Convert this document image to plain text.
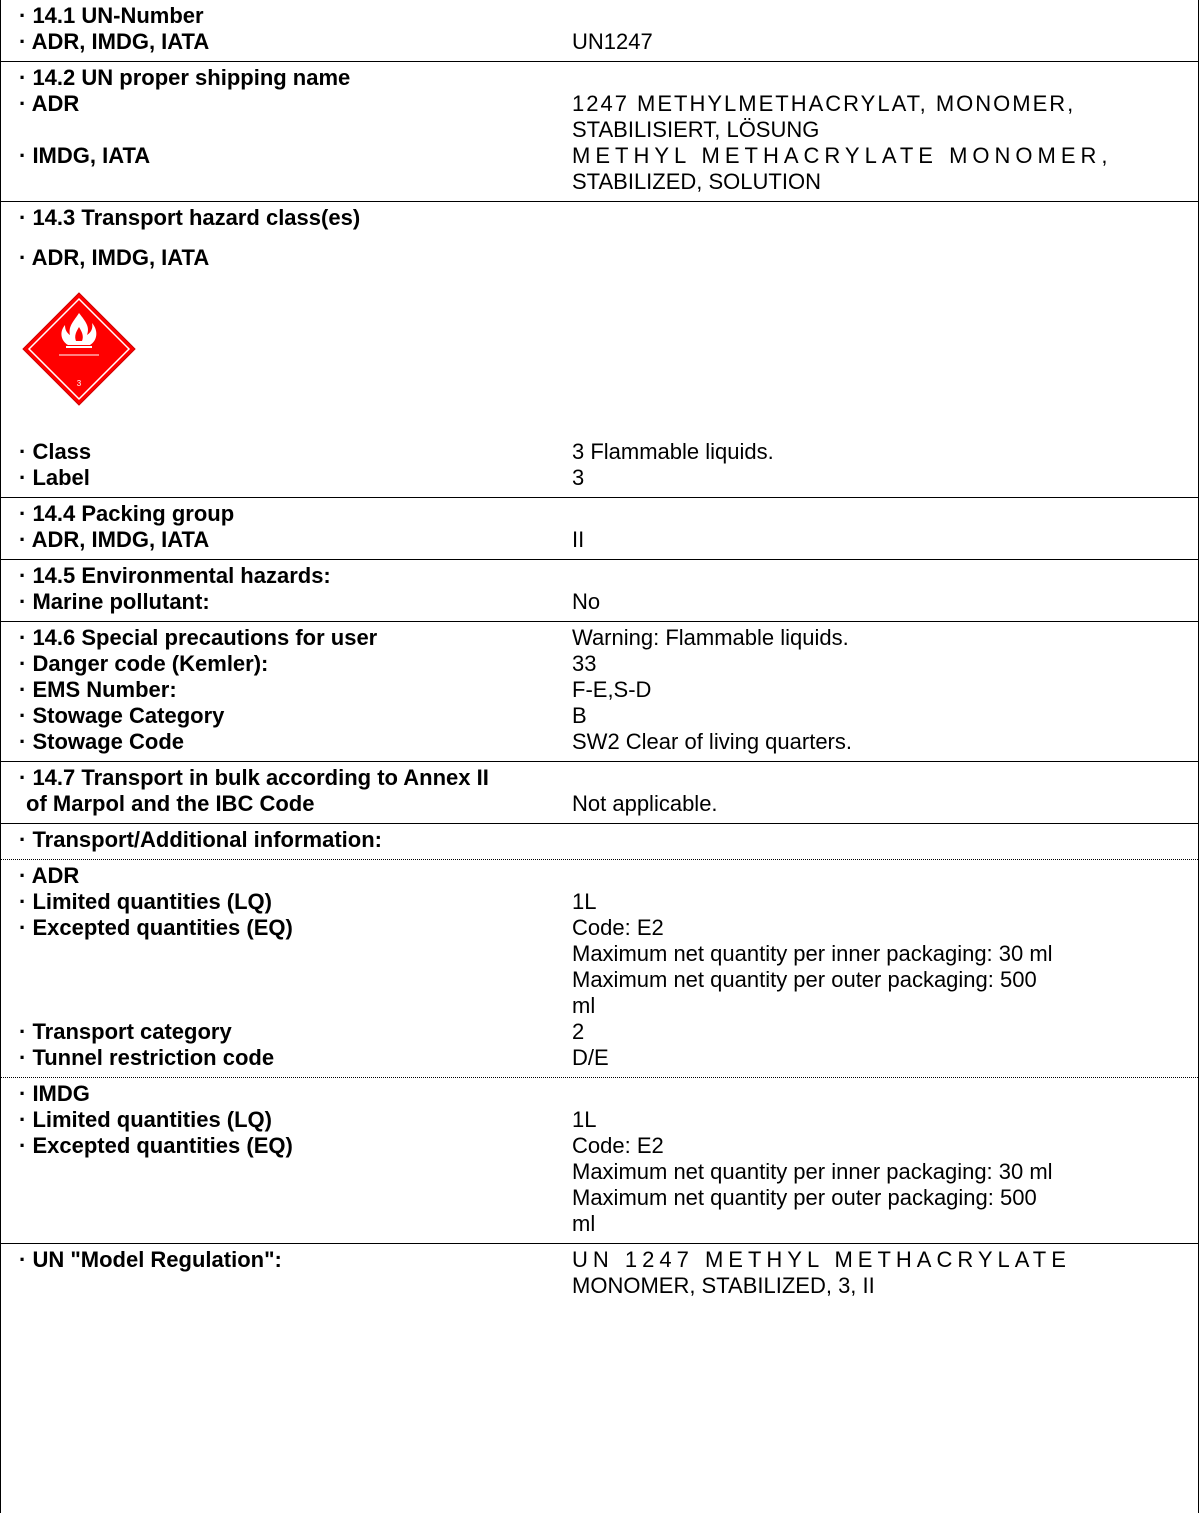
· 14.1 UN-Number
· ADR, IMDG, IATA	UN1247
· 14.2 UN proper shipping name
· ADR	1247 METHYLMETHACRYLAT, MONOMER,
STABILISIERT, LÖSUNG
· IMDG, IATA	METHYL METHACRYLATE MONOMER,
STABILIZED, SOLUTION
· 14.3 Transport hazard class(es)
· ADR, IMDG, IATA
3
· Class	3 Flammable liquids.
· Label	3
· 14.4 Packing group
· ADR, IMDG, IATA	II
· 14.5 Environmental hazards:
· Marine pollutant:	No
· 14.6 Special precautions for user	Warning: Flammable liquids.
· Danger code (Kemler):	33
· EMS Number:	F-E,S-D
· Stowage Category	B
· Stowage Code	SW2 Clear of living quarters.
· 14.7 Transport in bulk according to Annex II
of Marpol and the IBC Code	Not applicable.
· Transport/Additional information:
· ADR
· Limited quantities (LQ)	1L
· Excepted quantities (EQ)	Code: E2
Maximum net quantity per inner packaging: 30 ml
Maximum net quantity per outer packaging: 500
ml
· Transport category	2
· Tunnel restriction code	D/E
· IMDG
· Limited quantities (LQ)	1L
· Excepted quantities (EQ)	Code: E2
Maximum net quantity per inner packaging: 30 ml
Maximum net quantity per outer packaging: 500
ml
· UN "Model Regulation":	UN 1247 METHYL METHACRYLATE
MONOMER, STABILIZED, 3, II
